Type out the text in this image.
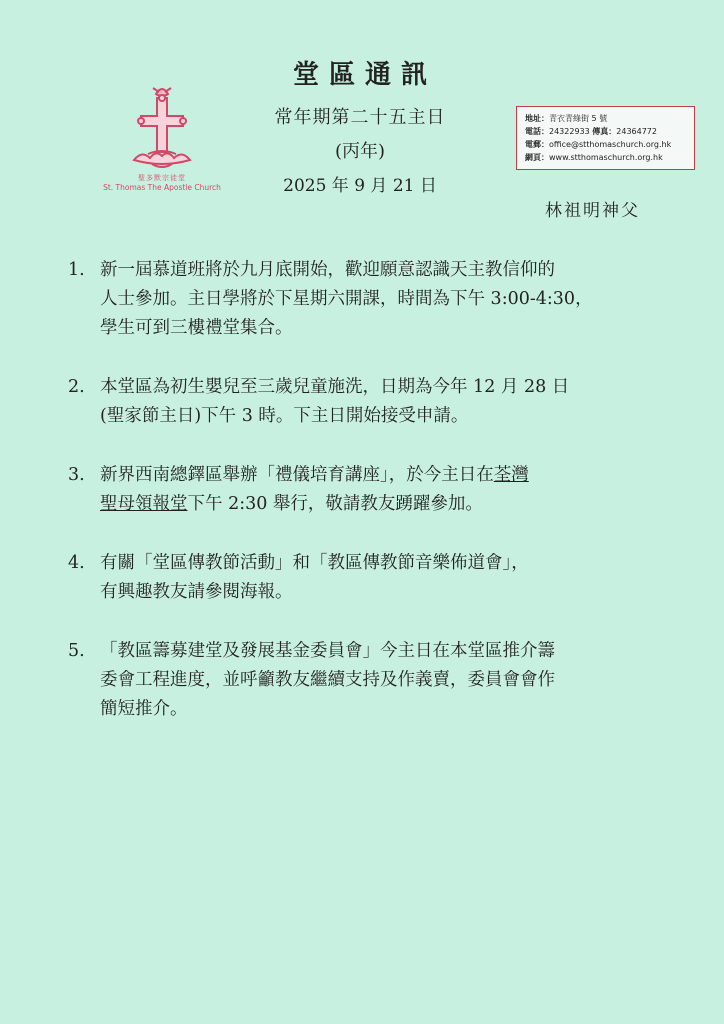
聖多默宗徒堂
St. Thomas The Apostle Church
堂區通訊
常年期第二十五主日
(丙年)
2025 年 9 月 21 日
地址：青衣青綠街 5 號
電話：24322933 傳真：24364772
電郵：office@stthomaschurch.org.hk
網頁：www.stthomaschurch.org.hk
林祖明神父
1. 新一屆慕道班將於九月底開始，歡迎願意認識天主教信仰的
人士參加。主日學將於下星期六開課，時間為下午 3:00-4:30，
學生可到三樓禮堂集合。
2. 本堂區為初生嬰兒至三歲兒童施洗，日期為今年 12 月 28 日
(聖家節主日)下午 3 時。下主日開始接受申請。
3. 新界西南總鐸區舉辦「禮儀培育講座」，於今主日在荃灣
聖母領報堂下午 2:30 舉行，敬請教友踴躍參加。
4. 有關「堂區傳教節活動」和「教區傳教節音樂佈道會」，
有興趣教友請參閱海報。
5. 「教區籌募建堂及發展基金委員會」今主日在本堂區推介籌
委會工程進度，並呼籲教友繼續支持及作義賣，委員會會作
簡短推介。
